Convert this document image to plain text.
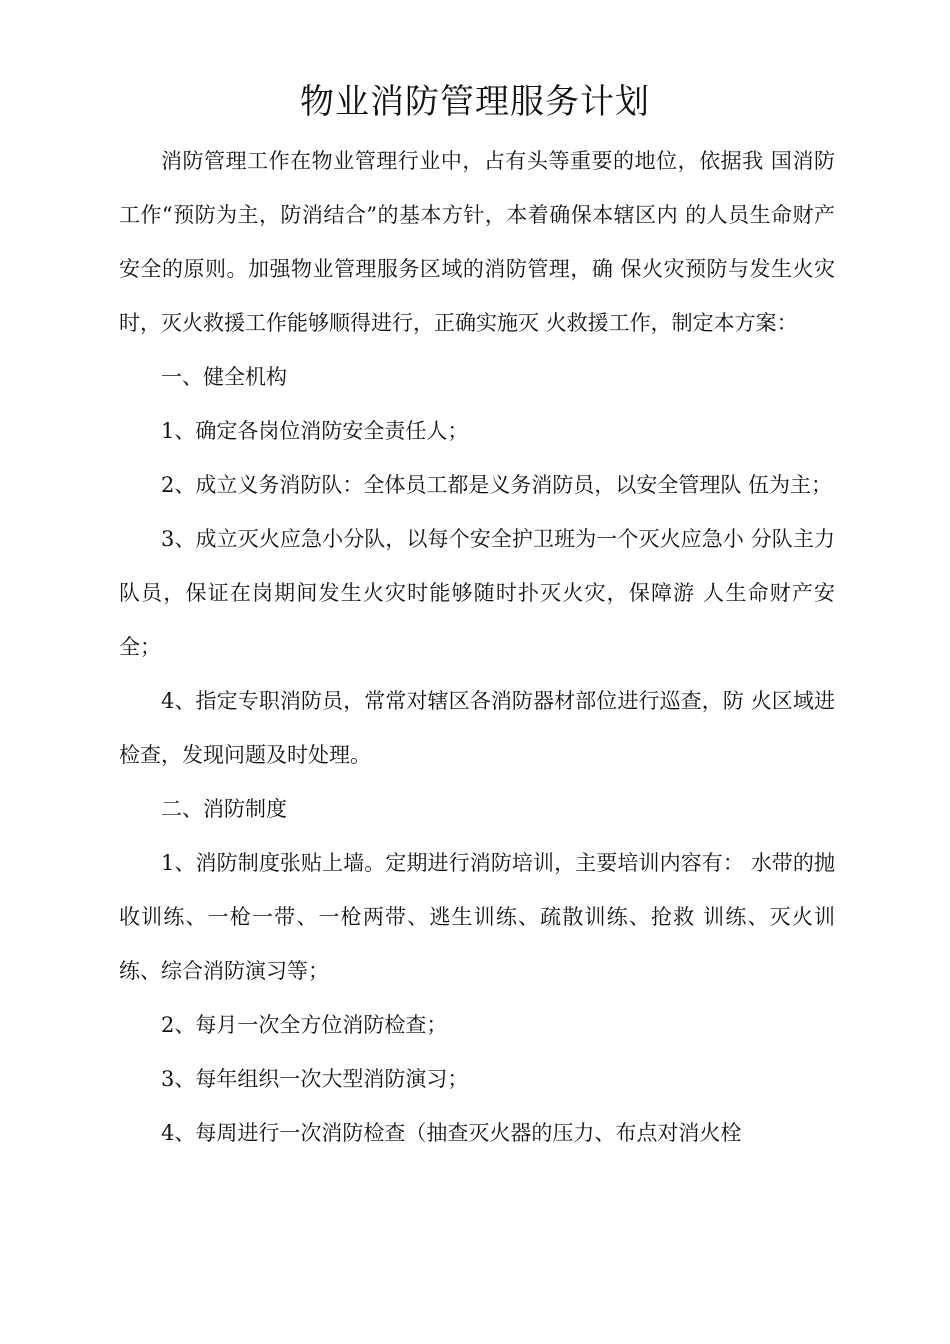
物业消防管理服务计划

消防管理工作在物业管理行业中，占有头等重要的地位，依据我 国消防工作“预防为主，防消结合”的基本方针，本着确保本辖区内 的人员生命财产安全的原则。加强物业管理服务区域的消防管理，确 保火灾预防与发生火灾时，灭火救援工作能够顺得进行，正确实施灭 火救援工作，制定本方案：

一、健全机构

1、确定各岗位消防安全责任人；

2、成立义务消防队：全体员工都是义务消防员，以安全管理队 伍为主；

3、成立灭火应急小分队，以每个安全护卫班为一个灭火应急小 分队主力队员，保证在岗期间发生火灾时能够随时扑灭火灾，保障游 人生命财产安全；

4、指定专职消防员，常常对辖区各消防器材部位进行巡查，防 火区域进检查，发现问题及时处理。

二、消防制度

1、消防制度张贴上墙。定期进行消防培训，主要培训内容有： 水带的抛收训练、一枪一带、一枪两带、逃生训练、疏散训练、抢救 训练、灭火训练、综合消防演习等；

2、每月一次全方位消防检查；

3、每年组织一次大型消防演习；

4、每周进行一次消防检查（抽查灭火器的压力、布点对消火栓
